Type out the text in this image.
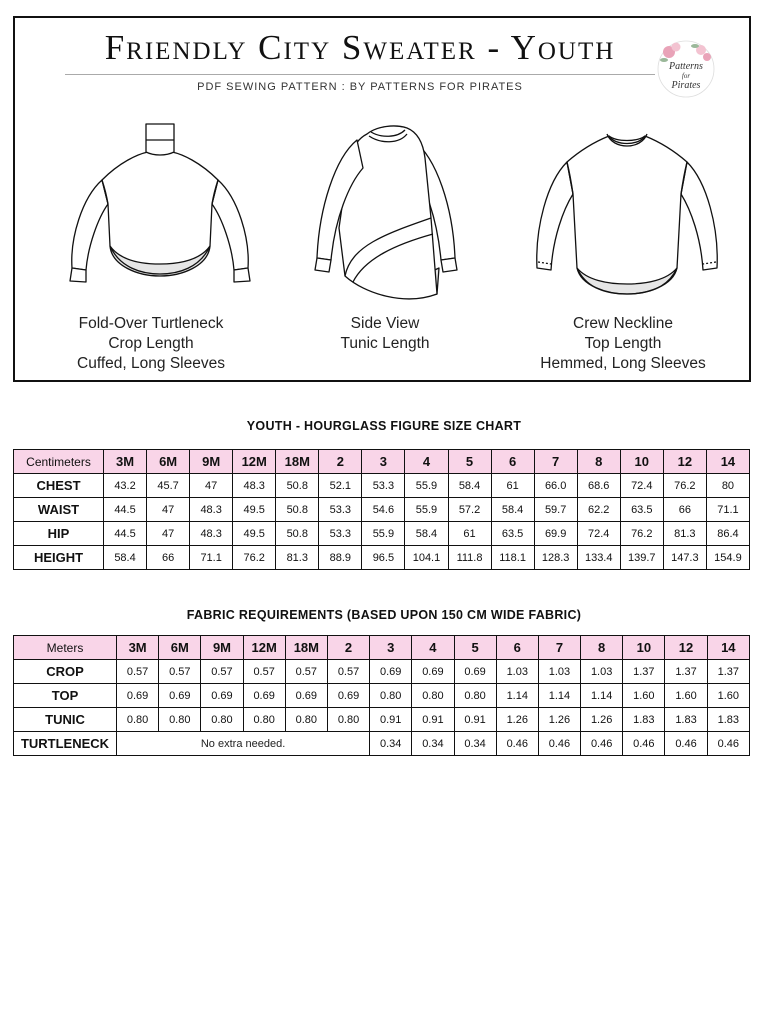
Friendly City Sweater - Youth
PDF SEWING PATTERN : BY PATTERNS FOR PIRATES
Patterns
for
Pirates
Fold-Over Turtleneck
Crop Length
Cuffed, Long Sleeves
Side View
Tunic Length
Crew Neckline
Top Length
Hemmed, Long Sleeves
YOUTH - HOURGLASS FIGURE SIZE CHART
Centimeters	3M	6M	9M	12M	18M	2	3	4	5	6	7	8	10	12	14
CHEST	43.2	45.7	47	48.3	50.8	52.1	53.3	55.9	58.4	61	66.0	68.6	72.4	76.2	80
WAIST	44.5	47	48.3	49.5	50.8	53.3	54.6	55.9	57.2	58.4	59.7	62.2	63.5	66	71.1
HIP	44.5	47	48.3	49.5	50.8	53.3	55.9	58.4	61	63.5	69.9	72.4	76.2	81.3	86.4
HEIGHT	58.4	66	71.1	76.2	81.3	88.9	96.5	104.1	111.8	118.1	128.3	133.4	139.7	147.3	154.9
FABRIC REQUIREMENTS (BASED UPON 150 CM WIDE FABRIC)
Meters	3M	6M	9M	12M	18M	2	3	4	5	6	7	8	10	12	14
CROP	0.57	0.57	0.57	0.57	0.57	0.57	0.69	0.69	0.69	1.03	1.03	1.03	1.37	1.37	1.37
TOP	0.69	0.69	0.69	0.69	0.69	0.69	0.80	0.80	0.80	1.14	1.14	1.14	1.60	1.60	1.60
TUNIC	0.80	0.80	0.80	0.80	0.80	0.80	0.91	0.91	0.91	1.26	1.26	1.26	1.83	1.83	1.83
TURTLENECK	No extra needed.						0.34	0.34	0.34	0.46	0.46	0.46	0.46	0.46	0.46
